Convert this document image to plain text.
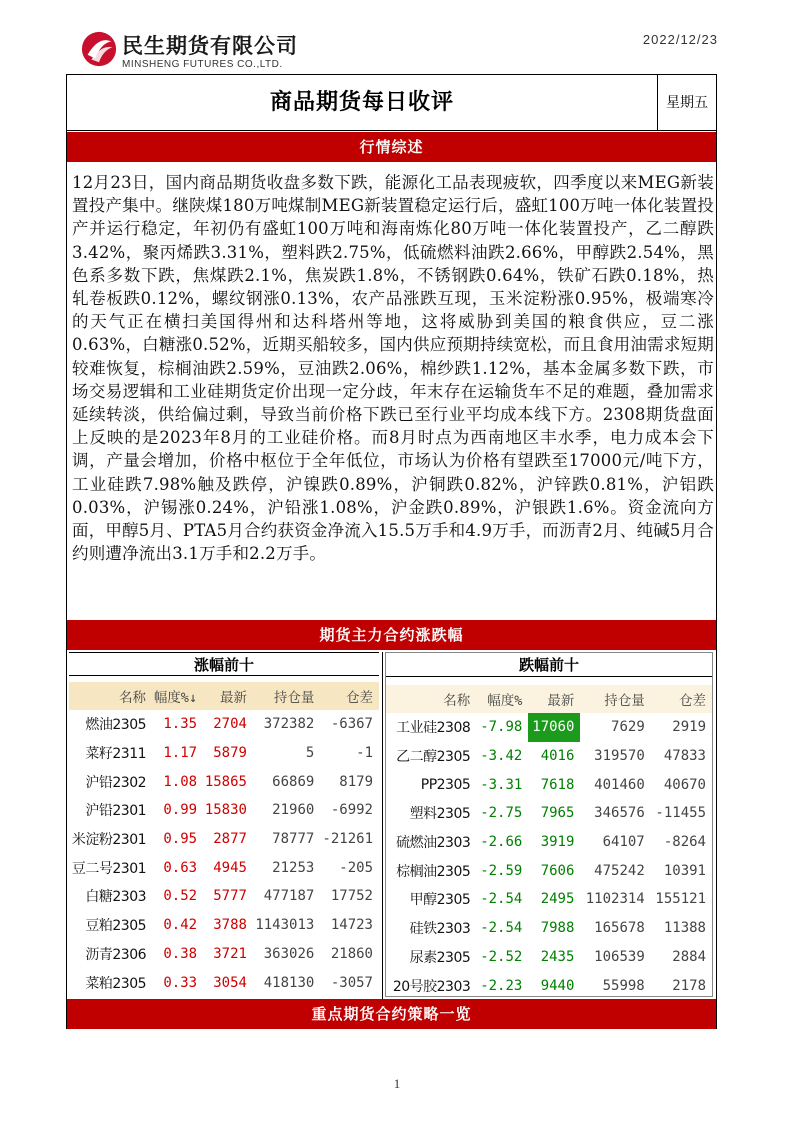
民生期货有限公司
MINSHENG FUTURES CO.,LTD.
2022/12/23
商品期货每日收评	星期五
行情综述
12月23日，国内商品期货收盘多数下跌，能源化工品表现疲软，四季度以来MEG新装置投产集中。继陕煤180万吨煤制MEG新装置稳定运行后，盛虹100万吨一体化装置投产并运行稳定，年初仍有盛虹100万吨和海南炼化80万吨一体化装置投产，乙二醇跌3.42%，聚丙烯跌3.31%，塑料跌2.75%，低硫燃料油跌2.66%，甲醇跌2.54%，黑色系多数下跌，焦煤跌2.1%，焦炭跌1.8%，不锈钢跌0.64%，铁矿石跌0.18%，热轧卷板跌0.12%，螺纹钢涨0.13%，农产品涨跌互现，玉米淀粉涨0.95%，极端寒冷的天气正在横扫美国得州和达科塔州等地，这将威胁到美国的粮食供应，豆二涨0.63%，白糖涨0.52%，近期买船较多，国内供应预期持续宽松，而且食用油需求短期较难恢复，棕榈油跌2.59%，豆油跌2.06%，棉纱跌1.12%，基本金属多数下跌，市场交易逻辑和工业硅期货定价出现一定分歧，年末存在运输货车不足的难题，叠加需求延续转淡，供给偏过剩，导致当前价格下跌已至行业平均成本线下方。2308期货盘面上反映的是2023年8月的工业硅价格。而8月时点为西南地区丰水季，电力成本会下调，产量会增加，价格中枢位于全年低位，市场认为价格有望跌至17000元/吨下方，工业硅跌7.98%触及跌停，沪镍跌0.89%，沪铜跌0.82%，沪锌跌0.81%，沪铝跌0.03%，沪锡涨0.24%，沪铅涨1.08%，沪金跌0.89%，沪银跌1.6%。资金流向方面，甲醇5月、PTA5月合约获资金净流入15.5万手和4.9万手，而沥青2月、纯碱5月合约则遭净流出3.1万手和2.2万手。
期货主力合约涨跌幅
涨幅前十
名称	幅度%↓	最新	持仓量	仓差
燃油2305	1.35	2704	372382	-6367
菜籽2311	1.17	5879	5	-1
沪铅2302	1.08	15865	66869	8179
沪铅2301	0.99	15830	21960	-6992
米淀粉2301	0.95	2877	78777	-21261
豆二号2301	0.63	4945	21253	-205
白糖2303	0.52	5777	477187	17752
豆粕2305	0.42	3788	1143013	14723
沥青2306	0.38	3721	363026	21860
菜粕2305	0.33	3054	418130	-3057
跌幅前十
名称	幅度%	最新	持仓量	仓差
工业硅2308	-7.98	17060	7629	2919
乙二醇2305	-3.42	4016	319570	47833
PP2305	-3.31	7618	401460	40670
塑料2305	-2.75	7965	346576	-11455
硫燃油2303	-2.66	3919	64107	-8264
棕榈油2305	-2.59	7606	475242	10391
甲醇2305	-2.54	2495	1102314	155121
硅铁2303	-2.54	7988	165678	11388
尿素2305	-2.52	2435	106539	2884
20号胶2303	-2.23	9440	55998	2178
重点期货合约策略一览
1
